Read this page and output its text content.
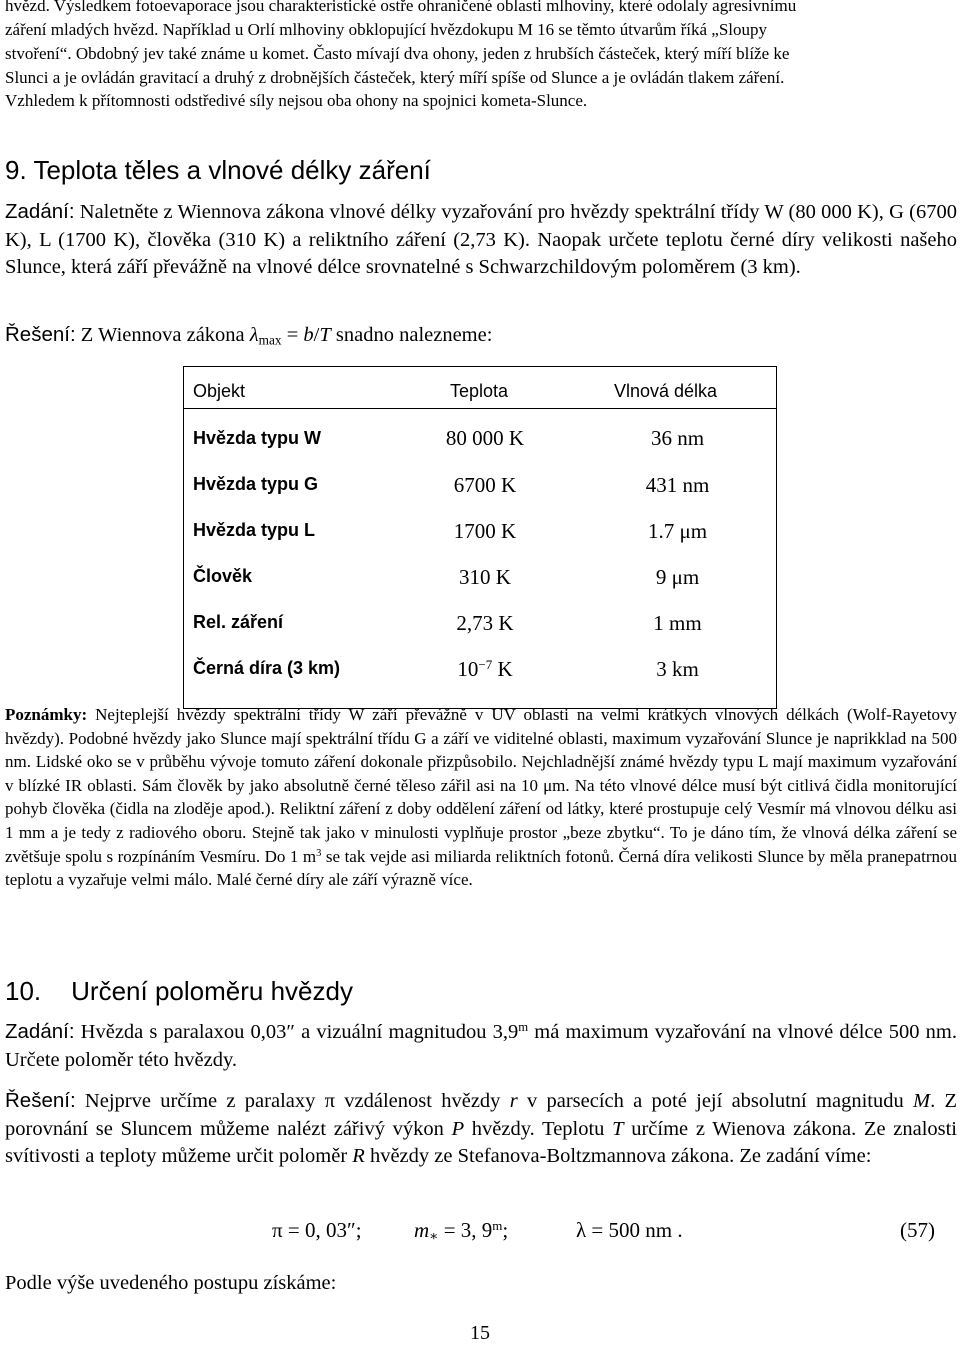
hvězd. Výsledkem fotoevaporace jsou charakteristické ostře ohraničené oblasti mlhoviny, které odolaly agresivnímu

záření mladých hvězd. Například u Orlí mlhoviny obklopující hvězdokupu M 16 se těmto útvarům říká „Sloupy

stvoření“. Obdobný jev také známe u komet. Často mívají dva ohony, jeden z hrubších částeček, který míří blíže ke

Slunci a je ovládán gravitací a druhý z drobnějších částeček, který míří spíše od Slunce a je ovládán tlakem záření.

Vzhledem k přítomnosti odstředivé síly nejsou oba ohony na spojnici kometa-Slunce.

9. Teplota těles a vlnové délky záření

Zadání: Naletněte z Wiennova zákona vlnové délky vyzařování pro hvězdy spektrální třídy W (80 000 K), G (6700 K), L (1700 K), člověka (310 K) a reliktního záření (2,73 K). Naopak určete teplotu černé díry velikosti našeho Slunce, která září převážně na vlnové délce srovnatelné s Schwarzchildovým poloměrem (3 km).

Řešení: Z Wiennova zákona $\lambda_{max} = b/T$ snadno nalezneme:

Objekt	Teplota	Vlnová délka
Hvězda typu W	80 000 K	36 nm
Hvězda typu G	6700 K	431 nm
Hvězda typu L	1700 K	1.7 μm
Člověk	310 K	9 μm
Rel. záření	2,73 K	1 mm
Černá díra (3 km)	$10^{-7}$ K	3 km

Poznámky: Nejteplejší hvězdy spektrální třídy W září převážně v UV oblasti na velmi krátkých vlnových délkách (Wolf-Rayetovy hvězdy). Podobné hvězdy jako Slunce mají spektrální třídu G a září ve viditelné oblasti, maximum vyzařování Slunce je naprikklad na 500 nm. Lidské oko se v průběhu vývoje tomuto záření dokonale přizpůsobilo. Nejchladnější známé hvězdy typu L mají maximum vyzařování v blízké IR oblasti. Sám člověk by jako absolutně černé těleso zářil asi na 10 μm. Na této vlnové délce musí být citlivá čidla monitorující pohyb člověka (čidla na zloděje apod.). Reliktní záření z doby oddělení záření od látky, které prostupuje celý Vesmír má vlnovou délku asi 1 mm a je tedy z radiového oboru. Stejně tak jako v minulosti vyplňuje prostor „beze zbytku“. To je dáno tím, že vlnová délka záření se zvětšuje spolu s rozpínáním Vesmíru. Do 1 $m^3$ se tak vejde asi miliarda reliktních fotonů. Černá díra velikosti Slunce by měla pranepatrnou teplotu a vyzařuje velmi málo. Malé černé díry ale září výrazně více.

10. Určení poloměru hvězdy

Zadání: Hvězda s paralaxou 0,03″ a vizuální magnitudou 3,9$^m$ má maximum vyzařování na vlnové délce 500 nm. Určete poloměr této hvězdy.

Řešení: Nejprve určíme z paralaxy π vzdálenost hvězdy r v parsecích a poté její absolutní magnitudu M. Z porovnání se Sluncem můžeme nalézt zářivý výkon P hvězdy. Teplotu T určíme z Wienova zákona. Ze znalosti svítivosti a teploty můžeme určit poloměr R hvězdy ze Stefanova-Boltzmannova zákona. Ze zadání víme:

π = 0, 03″; $m_∗ = 3$, 9$^m$;	λ = 500 nm .	(57)

Podle výše uvedeného postupu získáme:

15
